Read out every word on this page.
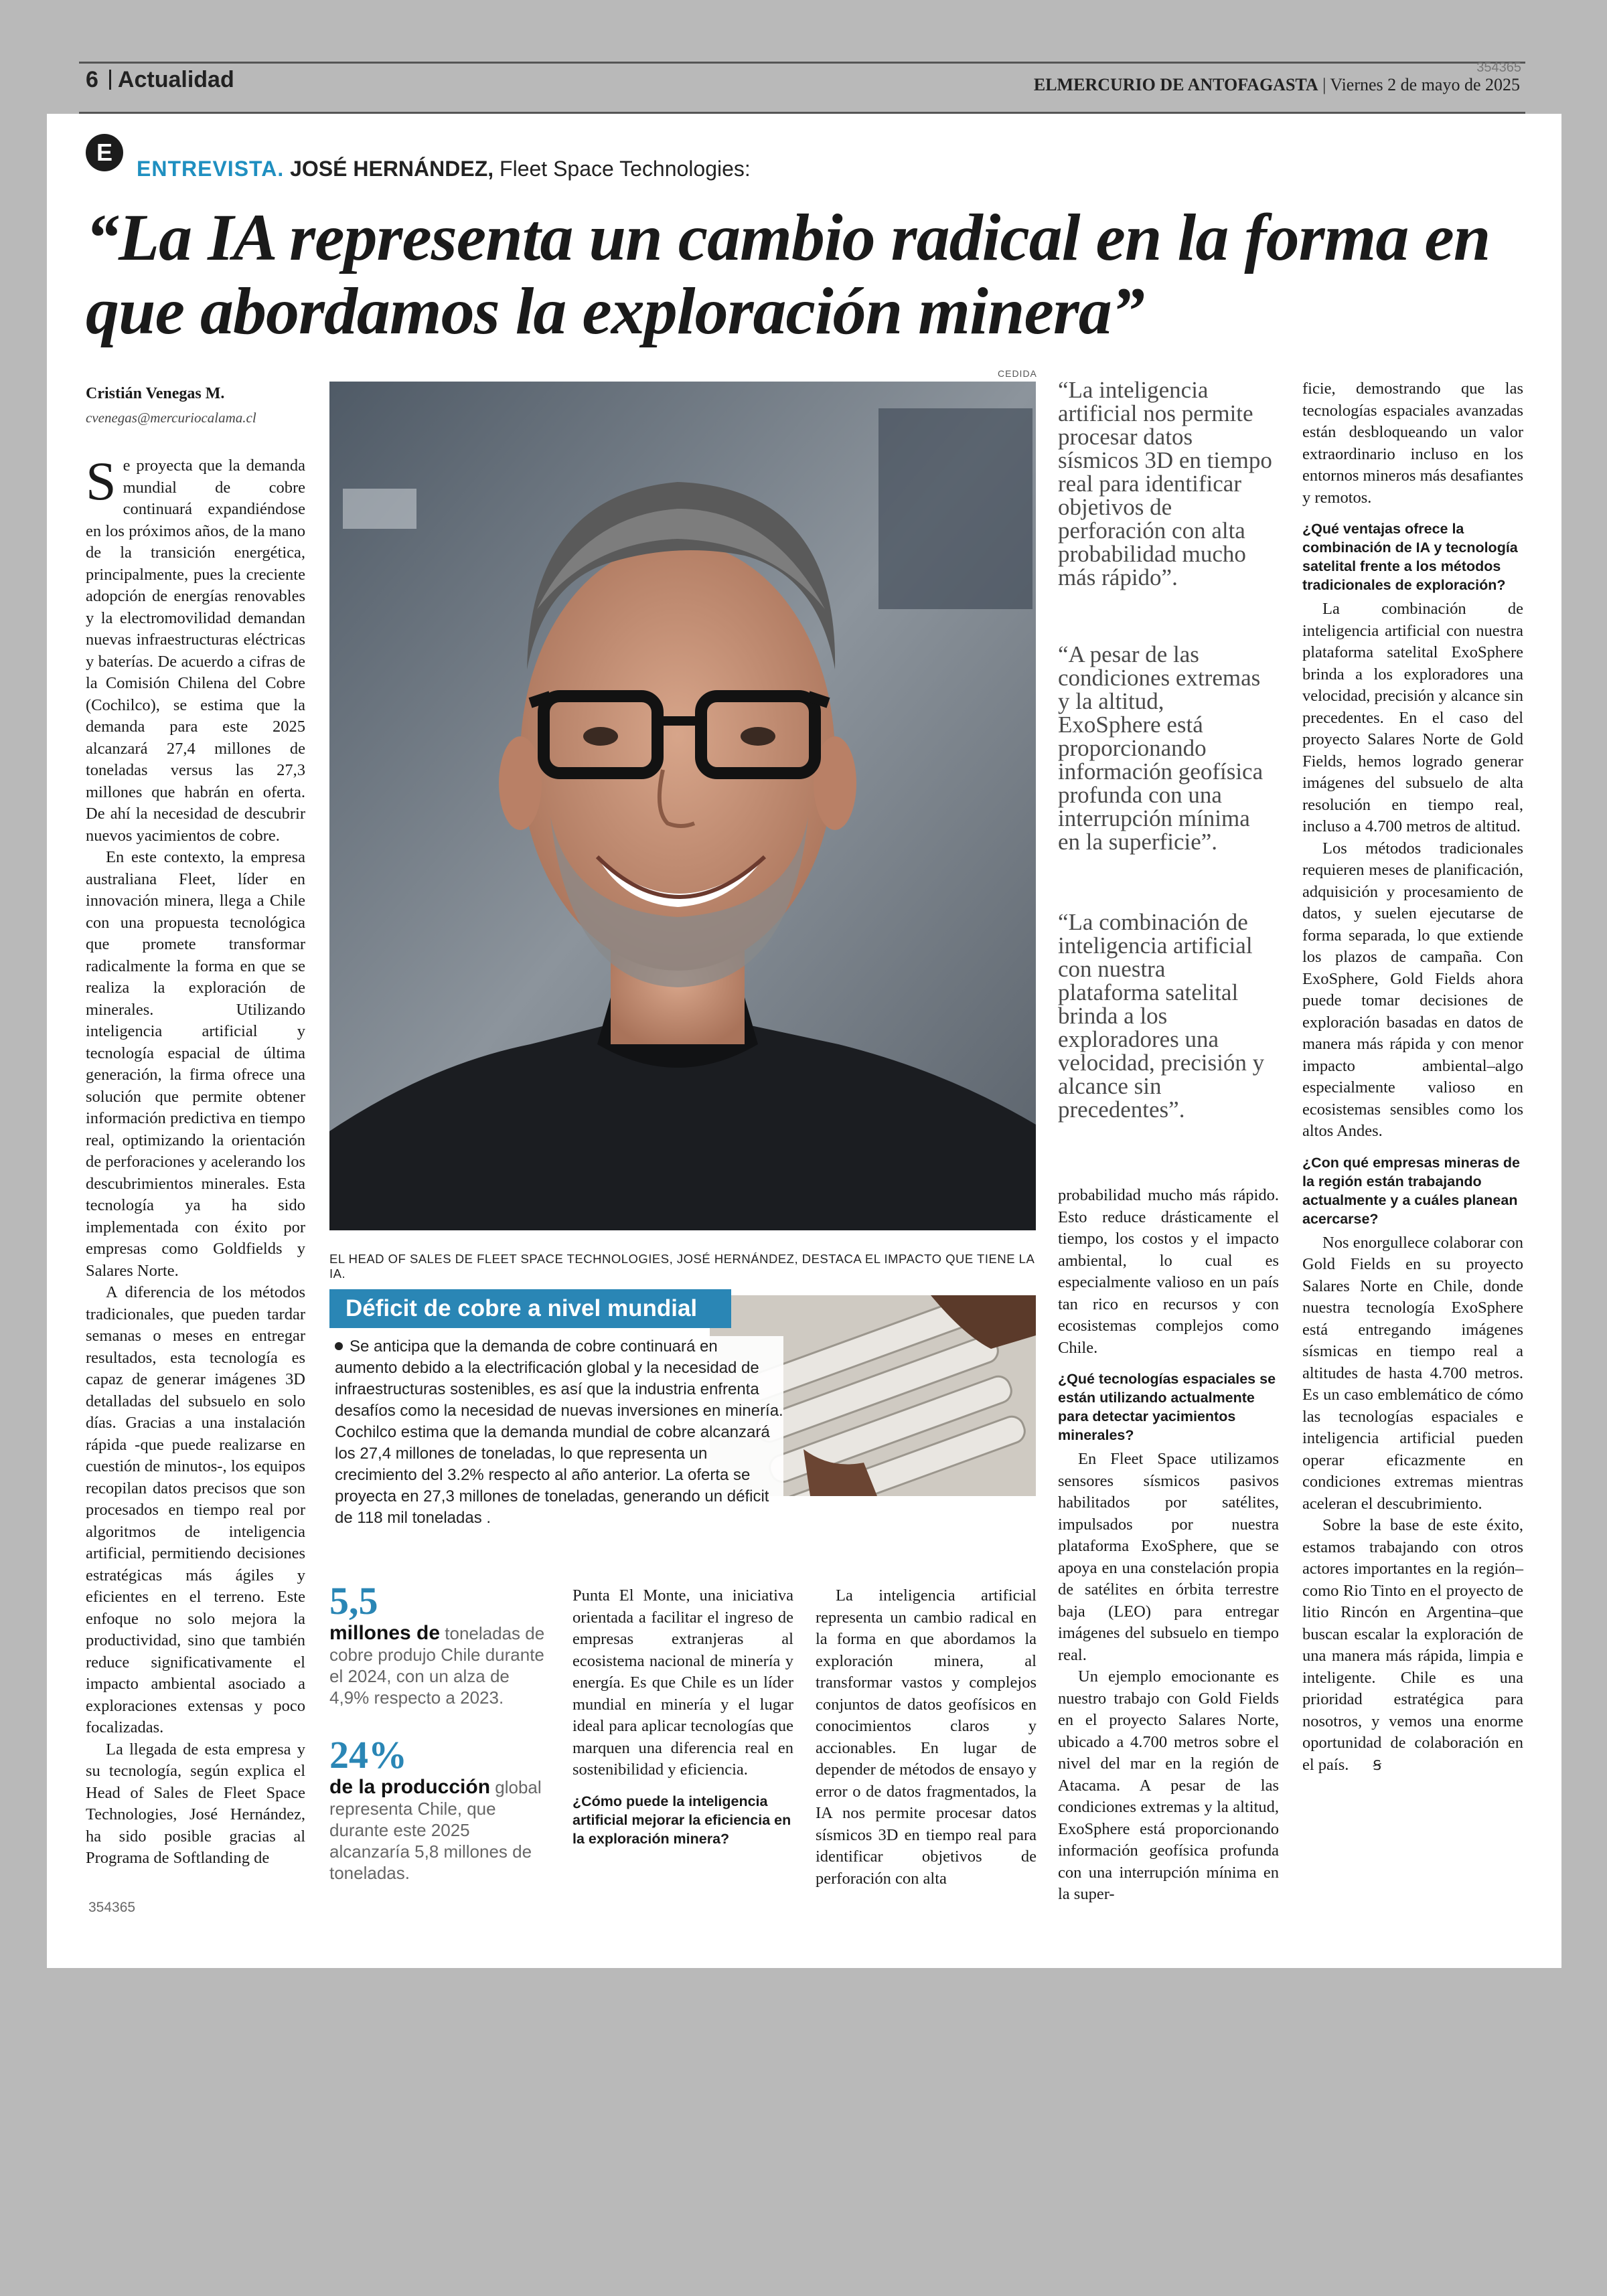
6 Actualidad	354365
ELMERCURIO DE ANTOFAGASTA | Viernes 2 de mayo de 2025
E
ENTREVISTA. JOSÉ HERNÁNDEZ, Fleet Space Technologies:
“La IA representa un cambio radical en la forma en que abordamos la exploración minera”
Cristián Venegas M.
cvenegas@mercuriocalama.cl

Se proyecta que la demanda mundial de cobre continuará expandiéndose en los próximos años, de la mano de la transición energética, principalmente, pues la creciente adopción de energías renovables y la electromovilidad demandan nuevas infraestructuras eléctricas y baterías. De acuerdo a cifras de la Comisión Chilena del Cobre (Cochilco), se estima que la demanda para este 2025 alcanzará 27,4 millones de toneladas versus las 27,3 millones que habrán en oferta. De ahí la necesidad de descubrir nuevos yacimientos de cobre.

En este contexto, la empresa australiana Fleet, líder en innovación minera, llega a Chile con una propuesta tecnológica que promete transformar radicalmente la forma en que se realiza la exploración de minerales. Utilizando inteligencia artificial y tecnología espacial de última generación, la firma ofrece una solución que permite obtener información predictiva en tiempo real, optimizando la orientación de perforaciones y acelerando los descubrimientos minerales. Esta tecnología ya ha sido implementada con éxito por empresas como Goldfields y Salares Norte.

A diferencia de los métodos tradicionales, que pueden tardar semanas o meses en entregar resultados, esta tecnología es capaz de generar imágenes 3D detalladas del subsuelo en solo días. Gracias a una instalación rápida -que puede realizarse en cuestión de minutos-, los equipos recopilan datos precisos que son procesados en tiempo real por algoritmos de inteligencia artificial, permitiendo decisiones estratégicas más ágiles y eficientes en el terreno. Este enfoque no solo mejora la productividad, sino que también reduce significativamente el impacto ambiental asociado a exploraciones extensas y poco focalizadas.

La llegada de esta empresa y su tecnología, según explica el Head of Sales de Fleet Space Technologies, José Hernández, ha sido posible gracias al Programa de Softlanding de

CEDIDA
EL HEAD OF SALES DE FLEET SPACE TECHNOLOGIES, JOSÉ HERNÁNDEZ, DESTACA EL IMPACTO QUE TIENE LA IA.
Déficit de cobre a nivel mundial
Se anticipa que la demanda de cobre continuará en aumento debido a la electrificación global y la necesidad de infraestructuras sostenibles, es así que la industria enfrenta desafíos como la necesidad de nuevas inversiones en minería. Cochilco estima que la demanda mundial de cobre alcanzará los 27,4 millones de toneladas, lo que representa un crecimiento del 3.2% respecto al año anterior. La oferta se proyecta en 27,3 millones de toneladas, generando un déficit de 118 mil toneladas .
5,5
millones de toneladas de cobre produjo Chile durante el 2024, con un alza de 4,9% respecto a 2023.
24%
de la producción global representa Chile, que durante este 2025 alcanzaría 5,8 millones de toneladas.

Punta El Monte, una iniciativa orientada a facilitar el ingreso de empresas extranjeras al ecosistema nacional de minería y energía. Es que Chile es un líder mundial en minería y el lugar ideal para aplicar tecnologías que marquen una diferencia real en sostenibilidad y eficiencia.

¿Cómo puede la inteligencia artificial mejorar la eficiencia en la exploración minera?

La inteligencia artificial representa un cambio radical en la forma en que abordamos la exploración minera, al transformar vastos y complejos conjuntos de datos geofísicos en conocimientos claros y accionables. En lugar de depender de métodos de ensayo y error o de datos fragmentados, la IA nos permite procesar datos sísmicos 3D en tiempo real para identificar objetivos de perforación con alta

“La inteligencia artificial nos permite procesar datos sísmicos 3D en tiempo real para identificar objetivos de perforación con alta probabilidad mucho más rápido”.
“A pesar de las condiciones extremas y la altitud, ExoSphere está proporcionando información geofísica profunda con una interrupción mínima en la superficie”.
“La combinación de inteligencia artificial con nuestra plataforma satelital brinda a los exploradores una velocidad, precisión y alcance sin precedentes”.

probabilidad mucho más rápido. Esto reduce drásticamente el tiempo, los costos y el impacto ambiental, lo cual es especialmente valioso en un país tan rico en recursos y con ecosistemas complejos como Chile.

¿Qué tecnologías espaciales se están utilizando actualmente para detectar yacimientos minerales?

En Fleet Space utilizamos sensores sísmicos pasivos habilitados por satélites, impulsados por nuestra plataforma ExoSphere, que se apoya en una constelación propia de satélites en órbita terrestre baja (LEO) para entregar imágenes del subsuelo en tiempo real.

Un ejemplo emocionante es nuestro trabajo con Gold Fields en el proyecto Salares Norte, ubicado a 4.700 metros sobre el nivel del mar en la región de Atacama. A pesar de las condiciones extremas y la altitud, ExoSphere está proporcionando información geofísica profunda con una interrupción mínima en la super-

ficie, demostrando que las tecnologías espaciales avanzadas están desbloqueando un valor extraordinario incluso en los entornos mineros más desafiantes y remotos.

¿Qué ventajas ofrece la combinación de IA y tecnología satelital frente a los métodos tradicionales de exploración?

La combinación de inteligencia artificial con nuestra plataforma satelital ExoSphere brinda a los exploradores una velocidad, precisión y alcance sin precedentes. En el caso del proyecto Salares Norte de Gold Fields, hemos logrado generar imágenes del subsuelo de alta resolución en tiempo real, incluso a 4.700 metros de altitud.

Los métodos tradicionales requieren meses de planificación, adquisición y procesamiento de datos, y suelen ejecutarse de forma separada, lo que extiende los plazos de campaña. Con ExoSphere, Gold Fields ahora puede tomar decisiones de exploración basadas en datos de manera más rápida y con menor impacto ambiental–algo especialmente valioso en ecosistemas sensibles como los altos Andes.

¿Con qué empresas mineras de la región están trabajando actualmente y a cuáles planean acercarse?

Nos enorgullece colaborar con Gold Fields en su proyecto Salares Norte en Chile, donde nuestra tecnología ExoSphere está entregando imágenes sísmicas en tiempo real a altitudes de hasta 4.700 metros. Es un caso emblemático de cómo las tecnologías espaciales e inteligencia artificial pueden operar eficazmente en condiciones extremas mientras aceleran el descubrimiento.

Sobre la base de este éxito, estamos trabajando con otros actores importantes en la región–como Rio Tinto en el proyecto de litio Rincón en Argentina–que buscan escalar la exploración de una manera más rápida, limpia e inteligente. Chile es una prioridad estratégica para nosotros, y vemos una enorme oportunidad de colaboración en el país. Ꞩ

354365
